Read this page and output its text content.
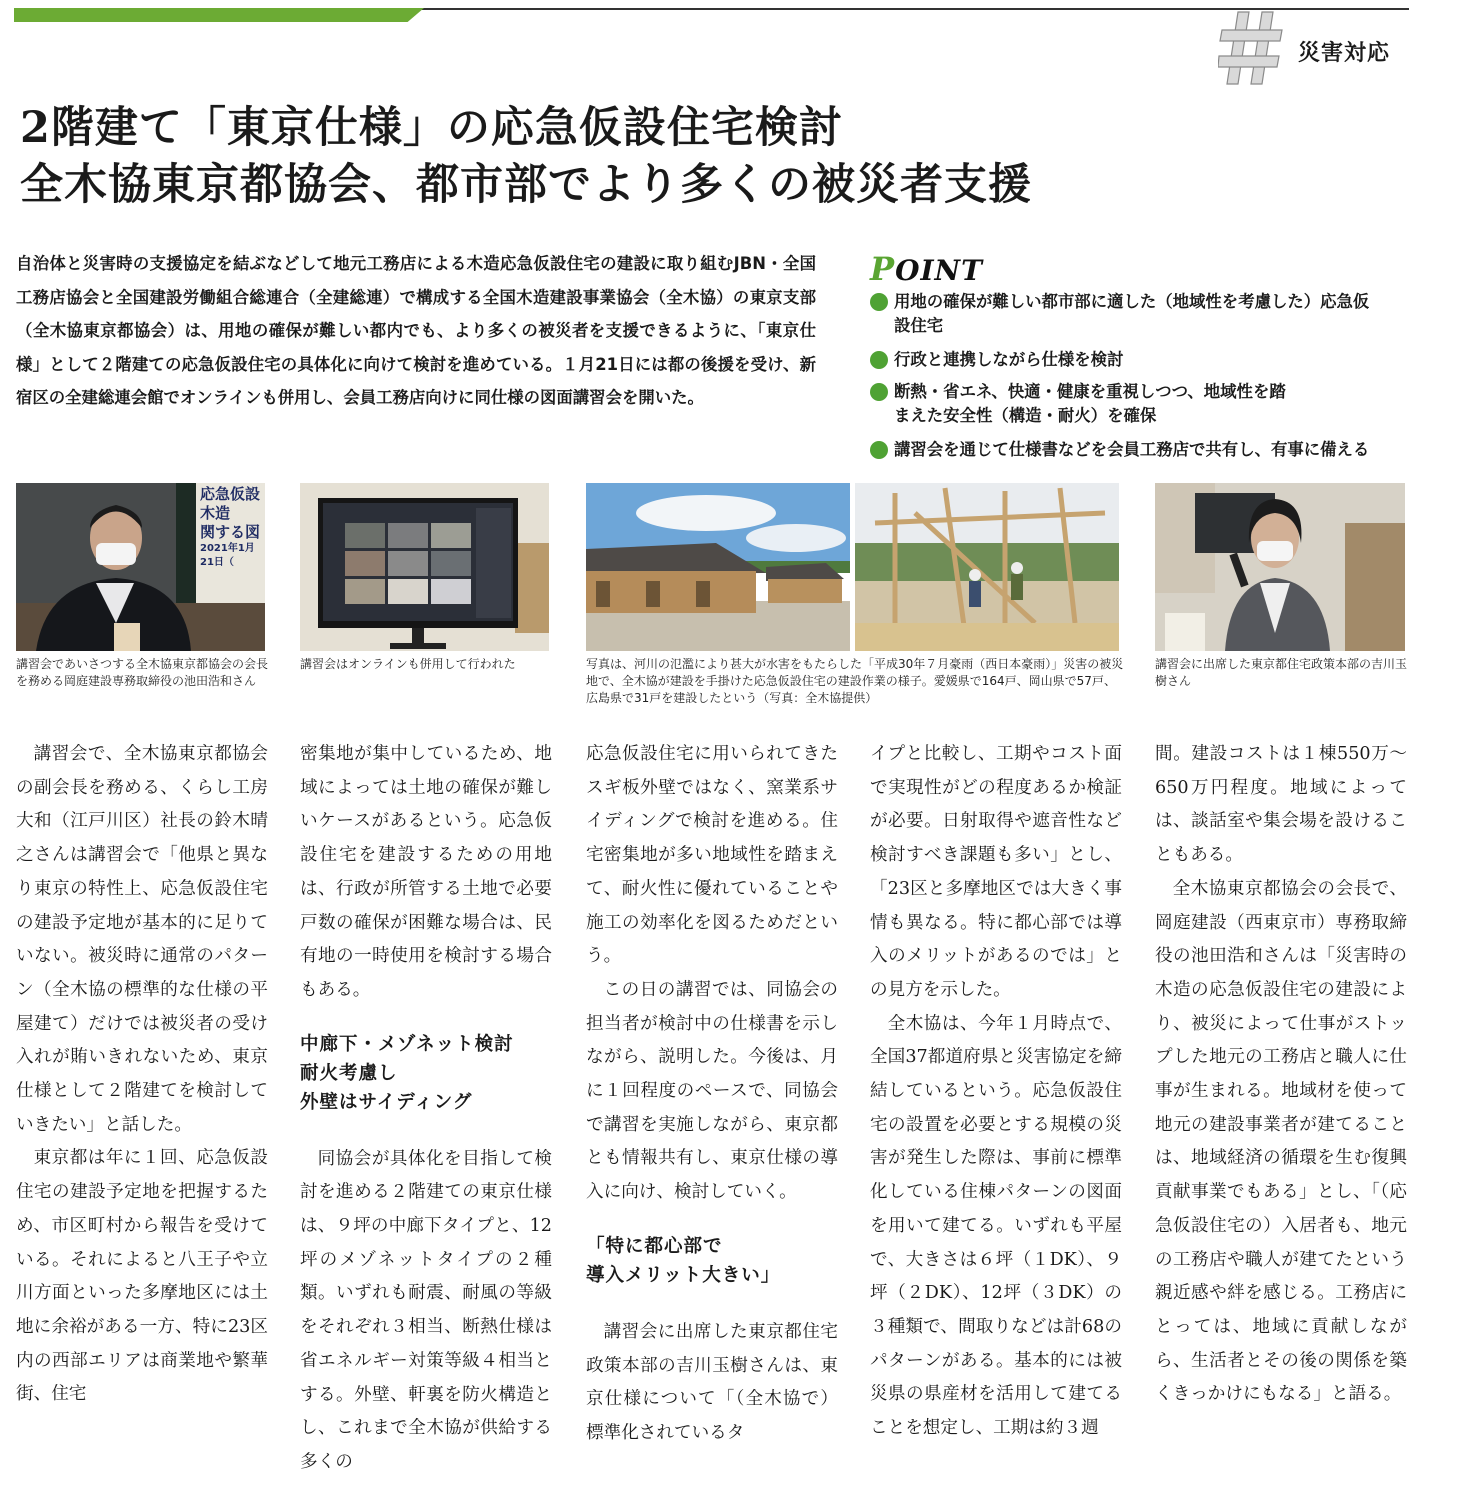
災害対応
2階建て「東京仕様」の応急仮設住宅検討
全木協東京都協会、都市部でより多くの被災者支援
自治体と災害時の支援協定を結ぶなどして地元工務店による木造応急仮設住宅の建設に取り組むJBN・全国工務店協会と全国建設労働組合総連合（全建総連）で構成する全国木造建設事業協会（全木協）の東京支部（全木協東京都協会）は、用地の確保が難しい都内でも、より多くの被災者を支援できるように、「東京仕様」として２階建ての応急仮設住宅の具体化に向けて検討を進めている。１月21日には都の後援を受け、新宿区の全建総連会館でオンラインも併用し、会員工務店向けに同仕様の図面講習会を開いた。
POINT
用地の確保が難しい都市部に適した（地域性を考慮した）応急仮設住宅
行政と連携しながら仕様を検討
断熱・省エネ、快適・健康を重視しつつ、地域性を踏まえた安全性（構造・耐火）を確保
講習会を通じて仕様書などを会員工務店で共有し、有事に備える
応急仮設木造
関する図
2021年1月21日（
講習会であいさつする全木協東京都協会の会長を務める岡庭建設専務取締役の池田浩和さん
講習会はオンラインも併用して行われた	写真は、河川の氾濫により甚大が水害をもたらした「平成30年７月豪雨（西日本豪雨）」災害の被災地で、全木協が建設を手掛けた応急仮設住宅の建設作業の様子。愛媛県で164戸、岡山県で57戸、広島県で31戸を建設したという（写真：全木協提供）
講習会に出席した東京都住宅政策本部の吉川玉樹さん

講習会で、全木協東京都協会の副会長を務める、くらし工房大和（江戸川区）社長の鈴木晴之さんは講習会で「他県と異なり東京の特性上、応急仮設住宅の建設予定地が基本的に足りていない。被災時に通常のパターン（全木協の標準的な仕様の平屋建て）だけでは被災者の受け入れが賄いきれないため、東京仕様として２階建てを検討していきたい」と話した。

東京都は年に１回、応急仮設住宅の建設予定地を把握するため、市区町村から報告を受けている。それによると八王子や立川方面といった多摩地区には土地に余裕がある一方、特に23区内の西部エリアは商業地や繁華街、住宅

密集地が集中しているため、地域によっては土地の確保が難しいケースがあるという。応急仮設住宅を建設するための用地は、行政が所管する土地で必要戸数の確保が困難な場合は、民有地の一時使用を検討する場合もある。

中廊下・メゾネット検討
耐火考慮し
外壁はサイディング

同協会が具体化を目指して検討を進める２階建ての東京仕様は、９坪の中廊下タイプと、12坪のメゾネットタイプの２種類。いずれも耐震、耐風の等級をそれぞれ３相当、断熱仕様は省エネルギー対策等級４相当とする。外壁、軒裏を防火構造とし、これまで全木協が供給する多くの

応急仮設住宅に用いられてきたスギ板外壁ではなく、窯業系サイディングで検討を進める。住宅密集地が多い地域性を踏まえて、耐火性に優れていることや施工の効率化を図るためだという。

この日の講習では、同協会の担当者が検討中の仕様書を示しながら、説明した。今後は、月に１回程度のペースで、同協会で講習を実施しながら、東京都とも情報共有し、東京仕様の導入に向け、検討していく。

「特に都心部で
導入メリット大きい」

講習会に出席した東京都住宅政策本部の吉川玉樹さんは、東京仕様について「（全木協で）標準化されているタ

イプと比較し、工期やコスト面で実現性がどの程度あるか検証が必要。日射取得や遮音性など検討すべき課題も多い」とし、「23区と多摩地区では大きく事情も異なる。特に都心部では導入のメリットがあるのでは」との見方を示した。

全木協は、今年１月時点で、全国37都道府県と災害協定を締結しているという。応急仮設住宅の設置を必要とする規模の災害が発生した際は、事前に標準化している住棟パターンの図面を用いて建てる。いずれも平屋で、大きさは６坪（１DK）、９坪（２DK）、12坪（３DK）の３種類で、間取りなどは計68のパターンがある。基本的には被災県の県産材を活用して建てることを想定し、工期は約３週

間。建設コストは１棟550万～650万円程度。地域によっては、談話室や集会場を設けることもある。

全木協東京都協会の会長で、岡庭建設（西東京市）専務取締役の池田浩和さんは「災害時の木造の応急仮設住宅の建設により、被災によって仕事がストップした地元の工務店と職人に仕事が生まれる。地域材を使って地元の建設事業者が建てることは、地域経済の循環を生む復興貢献事業でもある」とし、「（応急仮設住宅の）入居者も、地元の工務店や職人が建てたという親近感や絆を感じる。工務店にとっては、地域に貢献しながら、生活者とその後の関係を築くきっかけにもなる」と語る。
